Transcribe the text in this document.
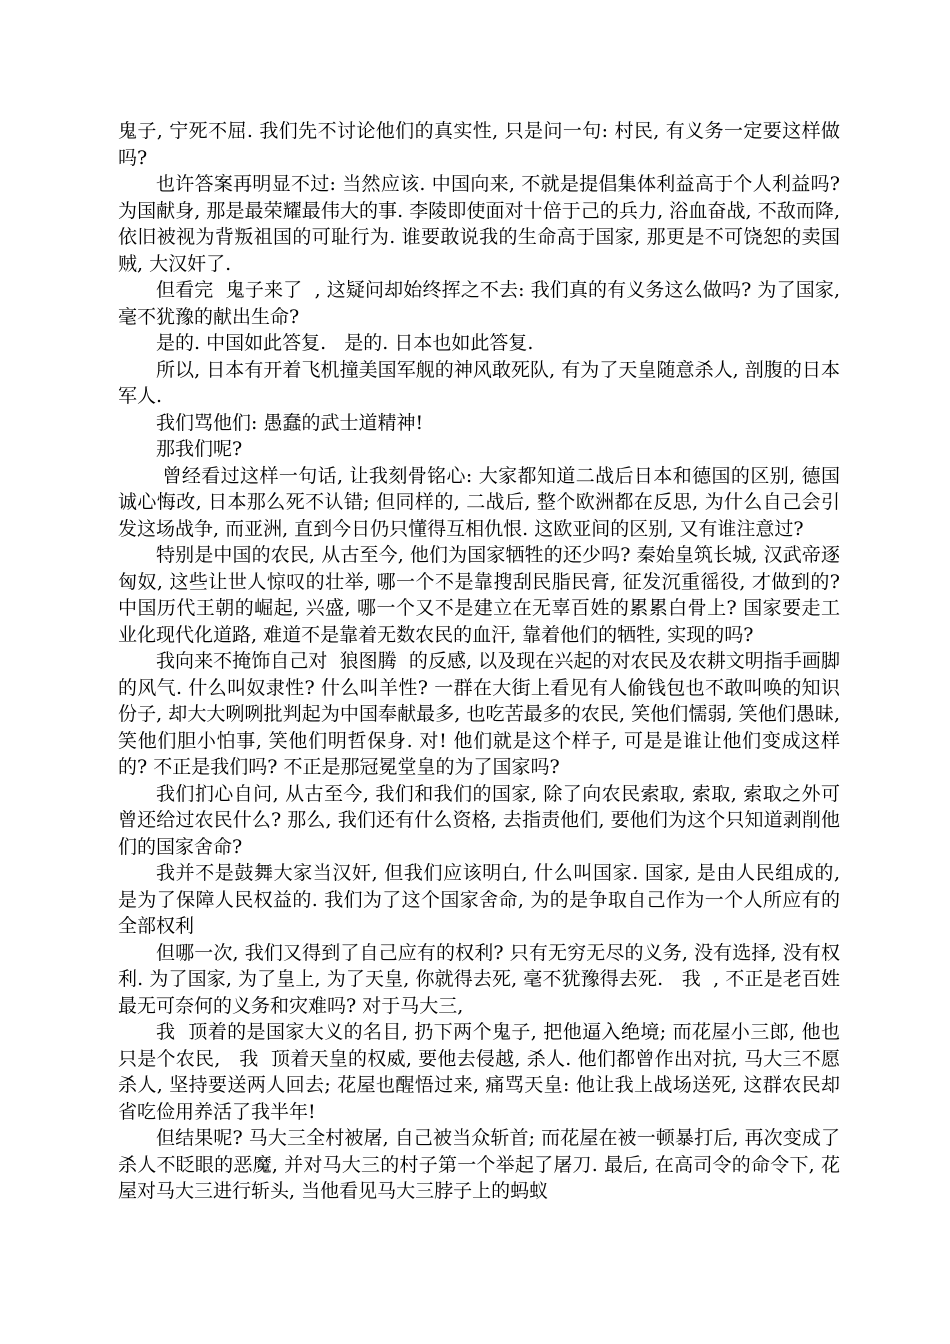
鬼子, 宁死不屈. 我们先不讨论他们的真实性, 只是问一句: 村民, 有义务一定要这样做吗?

也许答案再明显不过: 当然应该. 中国向来, 不就是提倡集体利益高于个人利益吗? 为国献身, 那是最荣耀最伟大的事. 李陵即使面对十倍于己的兵力, 浴血奋战, 不敌而降, 依旧被视为背叛祖国的可耻行为. 谁要敢说我的生命高于国家, 那更是不可饶恕的卖国贼, 大汉奸了.

但看完  鬼子来了  , 这疑问却始终挥之不去: 我们真的有义务这么做吗? 为了国家, 毫不犹豫的献出生命?

是的. 中国如此答复.   是的. 日本也如此答复.

所以, 日本有开着飞机撞美国军舰的神风敢死队, 有为了天皇随意杀人, 剖腹的日本军人.

我们骂他们: 愚蠢的武士道精神!

那我们呢?

曾经看过这样一句话, 让我刻骨铭心: 大家都知道二战后日本和德国的区别, 德国诚心悔改, 日本那么死不认错; 但同样的, 二战后, 整个欧洲都在反思, 为什么自己会引发这场战争, 而亚洲, 直到今日仍只懂得互相仇恨. 这欧亚间的区别, 又有谁注意过?

特别是中国的农民, 从古至今, 他们为国家牺牲的还少吗? 秦始皇筑长城, 汉武帝逐匈奴, 这些让世人惊叹的壮举, 哪一个不是靠搜刮民脂民膏, 征发沉重徭役, 才做到的? 中国历代王朝的崛起, 兴盛, 哪一个又不是建立在无辜百姓的累累白骨上? 国家要走工业化现代化道路, 难道不是靠着无数农民的血汗, 靠着他们的牺牲, 实现的吗?

我向来不掩饰自己对  狼图腾  的反感, 以及现在兴起的对农民及农耕文明指手画脚的风气. 什么叫奴隶性? 什么叫羊性? 一群在大街上看见有人偷钱包也不敢叫唤的知识份子, 却大大咧咧批判起为中国奉献最多, 也吃苦最多的农民, 笑他们懦弱, 笑他们愚昧, 笑他们胆小怕事, 笑他们明哲保身. 对! 他们就是这个样子, 可是是谁让他们变成这样的? 不正是我们吗? 不正是那冠冕堂皇的为了国家吗?

我们扪心自问, 从古至今, 我们和我们的国家, 除了向农民索取, 索取, 索取之外可曾还给过农民什么? 那么, 我们还有什么资格, 去指责他们, 要他们为这个只知道剥削他们的国家舍命?

我并不是鼓舞大家当汉奸, 但我们应该明白, 什么叫国家. 国家, 是由人民组成的, 是为了保障人民权益的. 我们为了这个国家舍命, 为的是争取自己作为一个人所应有的全部权利

但哪一次, 我们又得到了自己应有的权利? 只有无穷无尽的义务, 没有选择, 没有权利. 为了国家, 为了皇上, 为了天皇, 你就得去死, 毫不犹豫得去死.   我  , 不正是老百姓最无可奈何的义务和灾难吗? 对于马大三,

我  顶着的是国家大义的名目, 扔下两个鬼子, 把他逼入绝境; 而花屋小三郎, 他也只是个农民,   我  顶着天皇的权威, 要他去侵越, 杀人. 他们都曾作出对抗, 马大三不愿杀人, 坚持要送两人回去; 花屋也醒悟过来, 痛骂天皇: 他让我上战场送死, 这群农民却省吃俭用养活了我半年!

但结果呢? 马大三全村被屠, 自己被当众斩首; 而花屋在被一顿暴打后, 再次变成了杀人不眨眼的恶魔, 并对马大三的村子第一个举起了屠刀. 最后, 在高司令的命令下, 花屋对马大三进行斩头, 当他看见马大三脖子上的蚂蚁
